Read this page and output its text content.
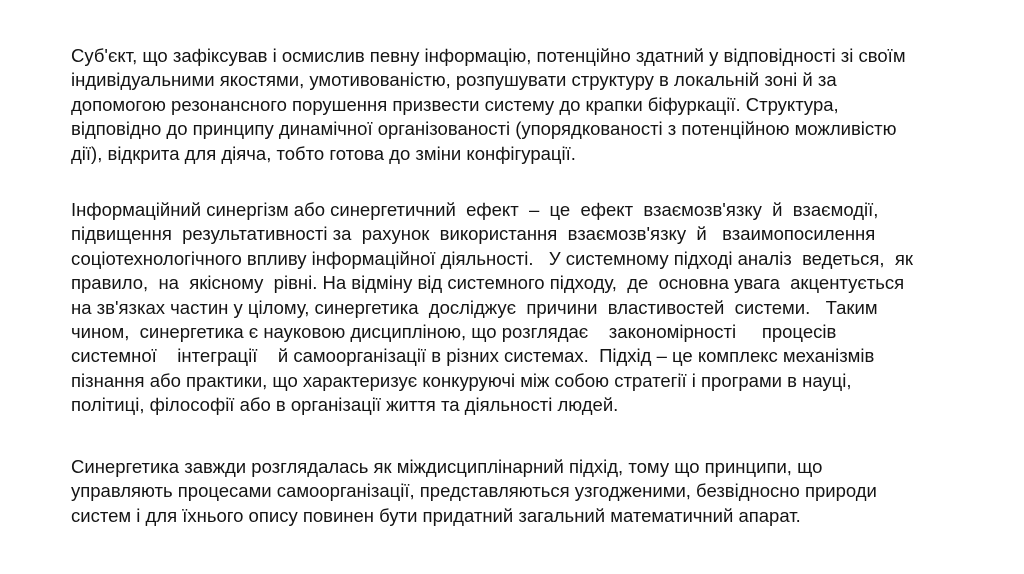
Суб'єкт, що зафіксував і осмислив певну інформацію, потенційно здатний у відповідності зі своїм
індивідуальними якостями, умотивованістю, розпушувати структуру в локальній зоні й за
допомогою резонансного порушення призвести систему до крапки біфуркації. Структура,
відповідно до принципу динамічної організованості (упорядкованості з потенційною можливістю
дії), відкрита для діяча, тобто готова до зміни конфігурації.

Інформаційний синергізм або синергетичний  ефект  –  це  ефект  взаємозв'язку  й  взаємодії,
підвищення  результативності за  рахунок  використання  взаємозв'язку  й   взаимопосилення
соціотехнологічного впливу інформаційної діяльності.   У системному підході аналіз  ведеться,  як
правило,  на  якісному  рівні. На відміну від системного підходу,  де  основна увага  акцентується
на зв'язках частин у цілому, синергетика  досліджує  причини  властивостей  системи.   Таким
чином,  синергетика є науковою дисципліною, що розглядає    закономірності     процесів
системної    інтеграції    й самоорганізації в різних системах.  Підхід – це комплекс механізмів
пізнання або практики, що характеризує конкуруючі між собою стратегії і програми в науці,
політиці, філософії або в організації життя та діяльності людей.

Синергетика завжди розглядалась як міждисциплінарний підхід, тому що принципи, що
управляють процесами самоорганізації, представляються узгодженими, безвідносно природи
систем і для їхнього опису повинен бути придатний загальний математичний апарат.
